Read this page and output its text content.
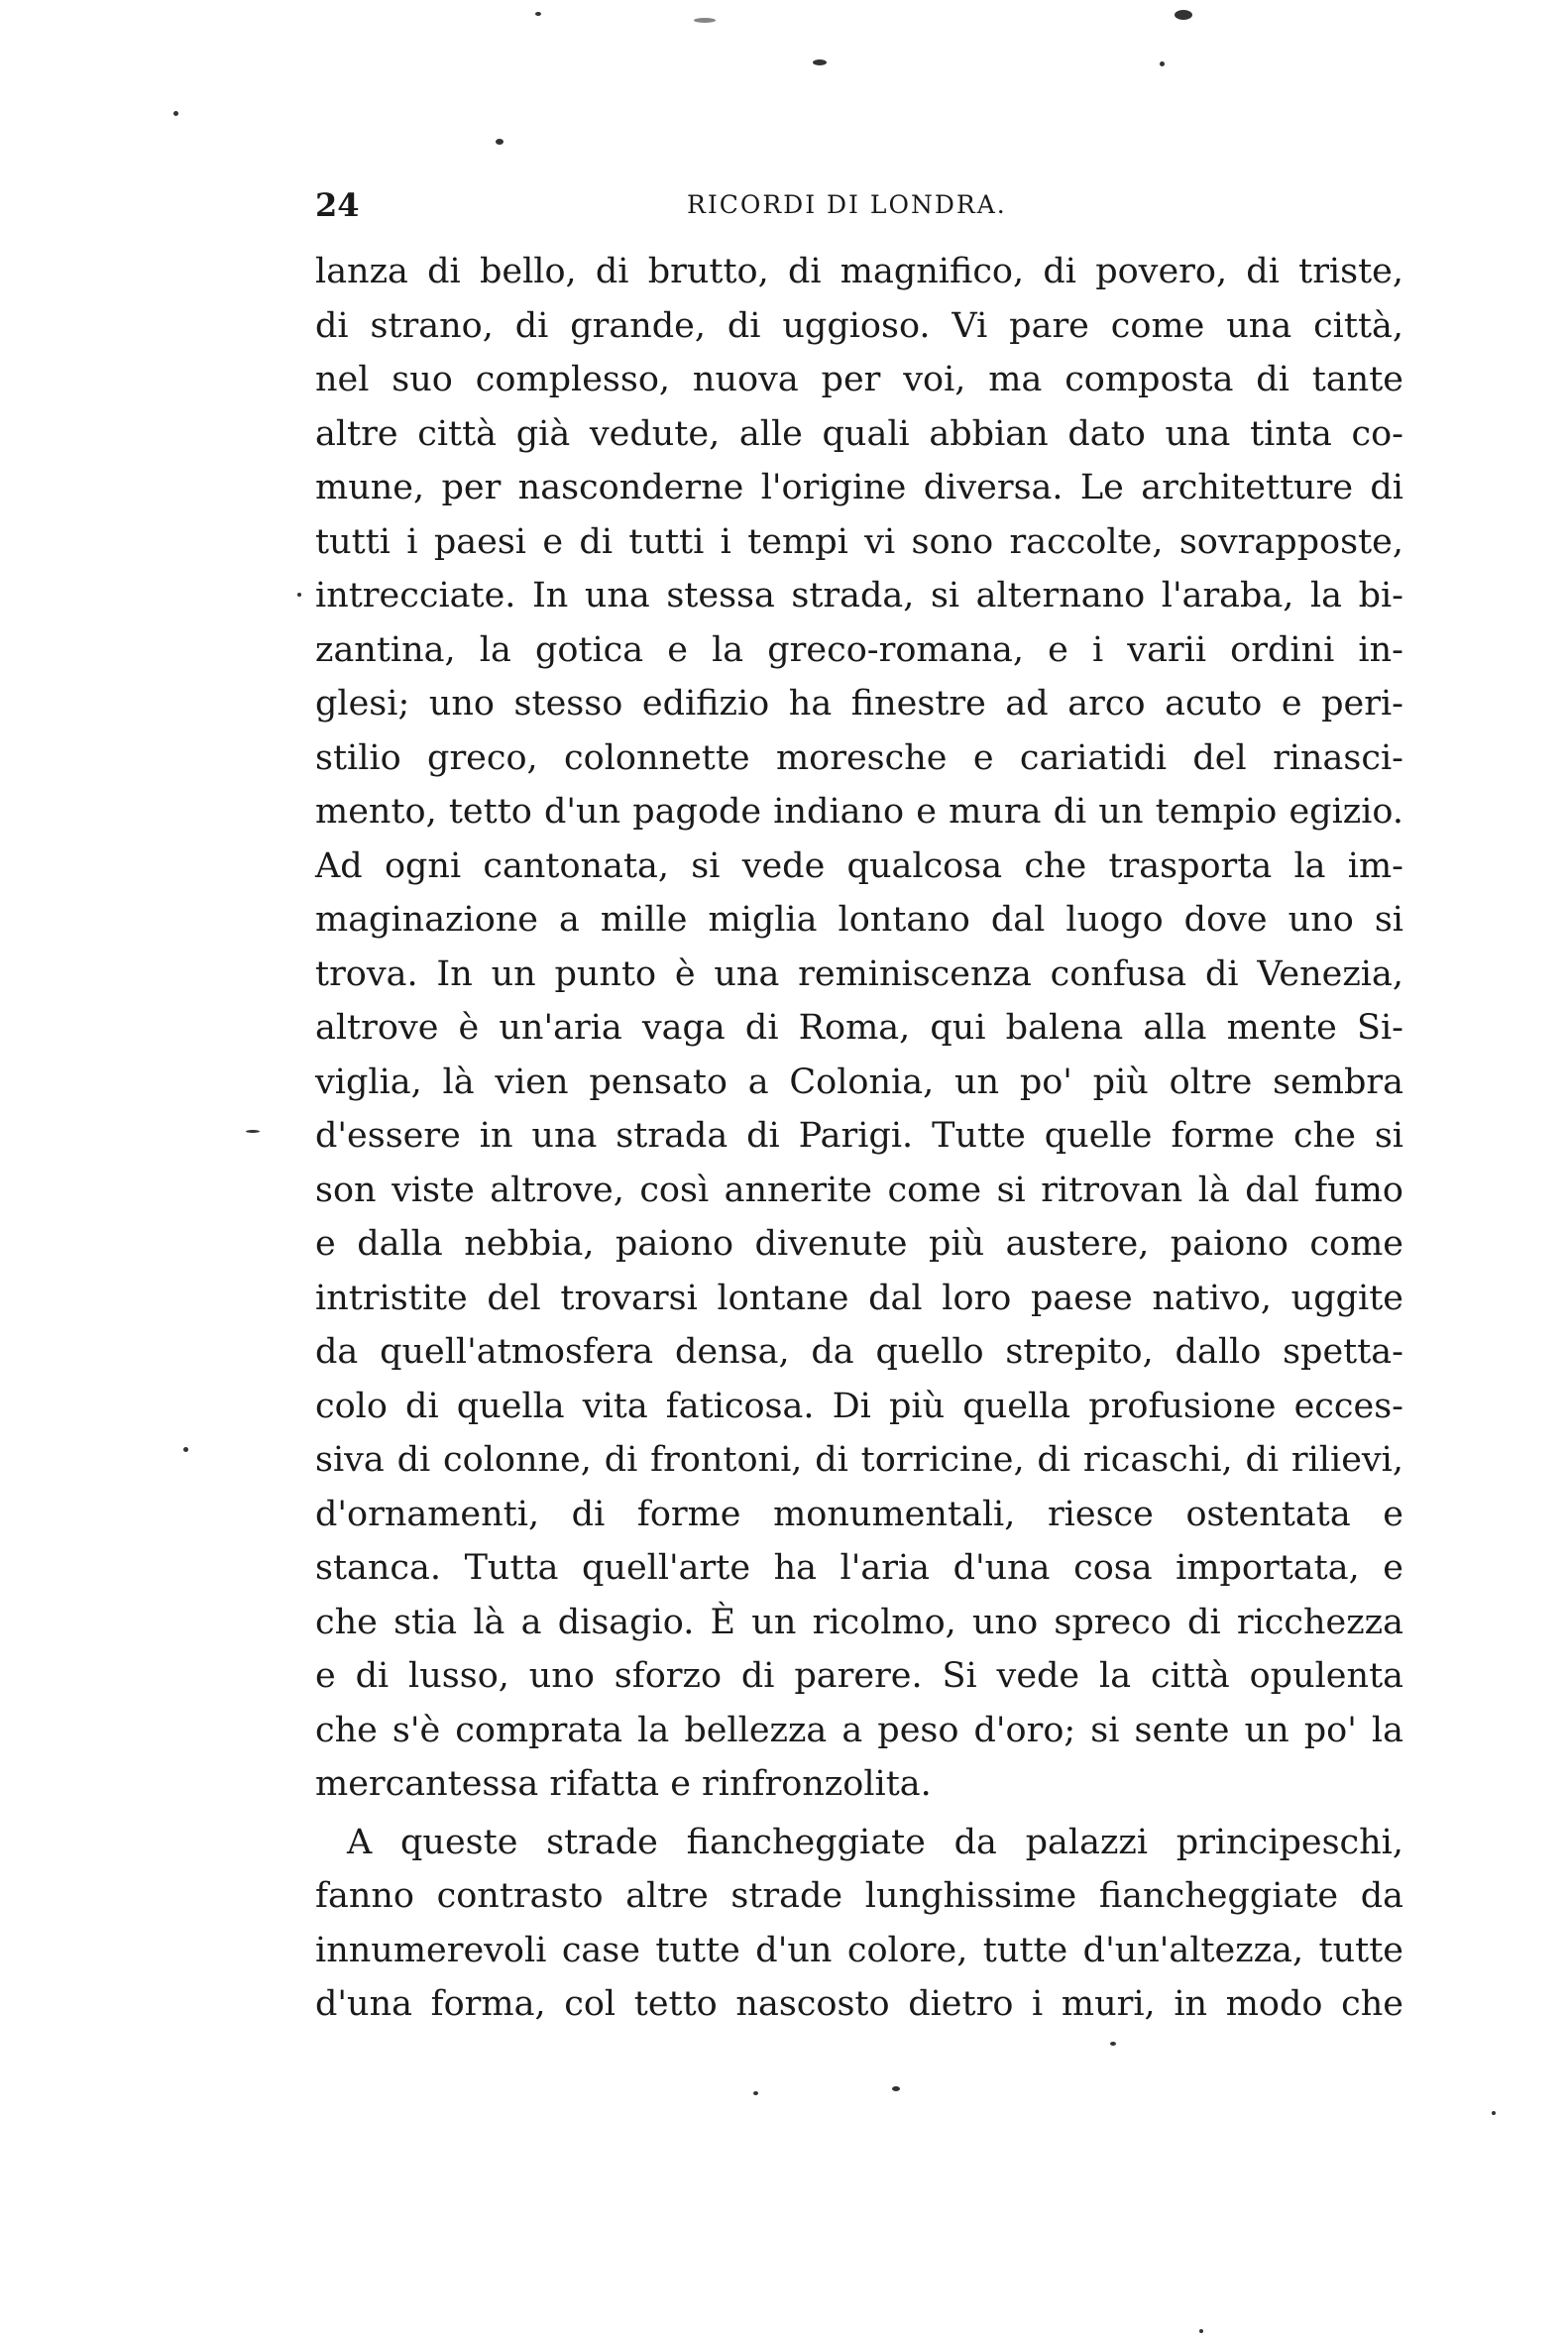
24	RICORDI DI LONDRA.
lanza di bello, di brutto, di magnifico, di povero, di triste,
di strano, di grande, di uggioso. Vi pare come una città,
nel suo complesso, nuova per voi, ma composta di tante
altre città già vedute, alle quali abbian dato una tinta co-
mune, per nasconderne l'origine diversa. Le architetture di
tutti i paesi e di tutti i tempi vi sono raccolte, sovrapposte,
intrecciate. In una stessa strada, si alternano l'araba, la bi-
zantina, la gotica e la greco-romana, e i varii ordini in-
glesi; uno stesso edifizio ha finestre ad arco acuto e peri-
stilio greco, colonnette moresche e cariatidi del rinasci-
mento, tetto d'un pagode indiano e mura di un tempio egizio.
Ad ogni cantonata, si vede qualcosa che trasporta la im-
maginazione a mille miglia lontano dal luogo dove uno si
trova. In un punto è una reminiscenza confusa di Venezia,
altrove è un'aria vaga di Roma, qui balena alla mente Si-
viglia, là vien pensato a Colonia, un po' più oltre sembra
d'essere in una strada di Parigi. Tutte quelle forme che si
son viste altrove, così annerite come si ritrovan là dal fumo
e dalla nebbia, paiono divenute più austere, paiono come
intristite del trovarsi lontane dal loro paese nativo, uggite
da quell'atmosfera densa, da quello strepito, dallo spetta-
colo di quella vita faticosa. Di più quella profusione ecces-
siva di colonne, di frontoni, di torricine, di ricaschi, di rilievi,
d'ornamenti, di forme monumentali, riesce ostentata e
stanca. Tutta quell'arte ha l'aria d'una cosa importata, e
che stia là a disagio. È un ricolmo, uno spreco di ricchezza
e di lusso, uno sforzo di parere. Si vede la città opulenta
che s'è comprata la bellezza a peso d'oro; si sente un po' la
mercantessa rifatta e rinfronzolita.
A queste strade fiancheggiate da palazzi principeschi,
fanno contrasto altre strade lunghissime fiancheggiate da
innumerevoli case tutte d'un colore, tutte d'un'altezza, tutte
d'una forma, col tetto nascosto dietro i muri, in modo che
